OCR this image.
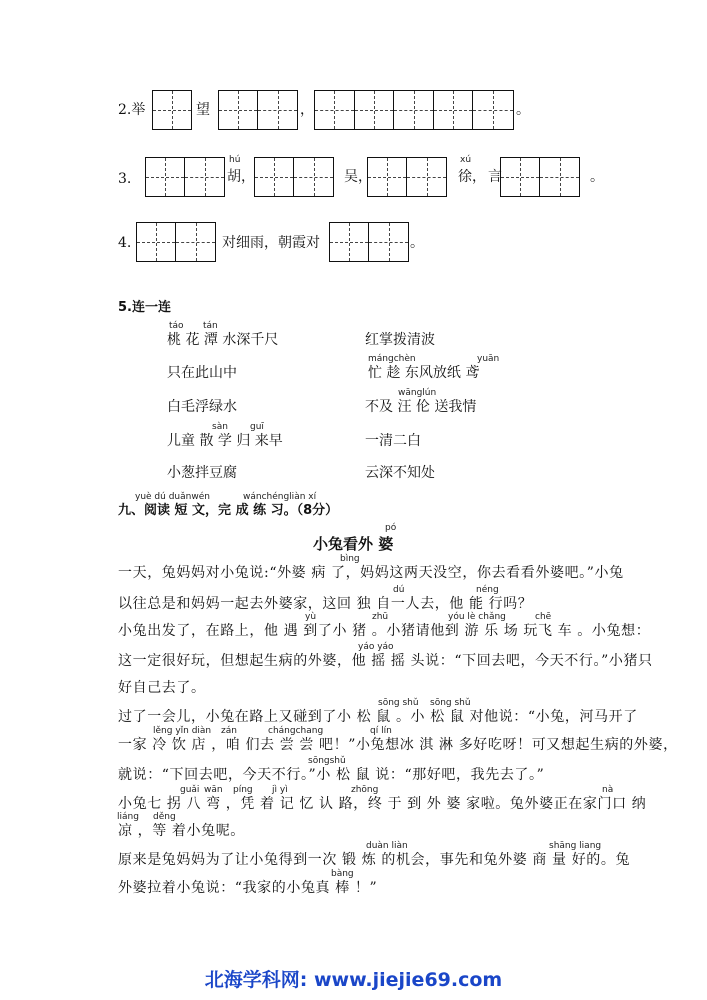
2.举	望	，	。
3.
hú
胡，	吴，
xú
徐， 言	。
4.	对细雨，朝霞对	。
5.连一连
táo tán
桃 花 潭 水深千尺
只在此山中
白毛浮绿水
sàn guī
儿童 散 学 归 来早
小葱拌豆腐
红掌拨清波
mángchèn	yuān
忙 趁 东风放纸 鸢
wānglún
不及 汪 伦 送我情
一清二白
云深不知处
yuè dú duǎnwén	wánchéngliàn xí
九、阅读 短 文，完 成 练 习。（8分）
pó
小兔看外 婆
bìng
一天，兔妈妈对小兔说:“外婆 病 了，妈妈这两天没空，你去看看外婆吧。”小兔
dú	néng
以往总是和妈妈一起去外婆家，这回 独 自一人去，他 能 行吗？
yù	zhū	yóu lè chǎng	chē
小兔出发了，在路上，他 遇 到了小 猪 。小猪请他到 游 乐 场 玩飞 车 。小兔想：
yáo yáo
这一定很好玩，但想起生病的外婆，他 摇 摇 头说：“下回去吧，今天不行。”小猪只
好自己去了。
sōng shǔ sōng shǔ
过了一会儿，小兔在路上又碰到了小 松 鼠 。小 松 鼠 对他说：“小兔，河马开了
lěng yǐn diàn zán	chángchang	qí lín
一家 冷 饮 店 ，咱 们去 尝 尝 吧！”小兔想冰 淇 淋 多好吃呀！可又想起生病的外婆，
sōngshǔ
就说：“下回去吧，今天不行。”小 松 鼠 说：“那好吧，我先去了。”
guǎi wān píng jì yì	zhōng	nà
小兔七 拐 八 弯 ，凭 着 记 忆 认 路，终 于 到 外 婆 家啦。兔外婆正在家门口 纳
liáng děng
凉 ，等 着小兔呢。
duàn liàn	shāng liang
原来是兔妈妈为了让小兔得到一次 锻 炼 的机会，事先和兔外婆 商 量 好的。兔
bàng
外婆拉着小兔说：“我家的小兔真 棒 ！”
北海学科网: www.jiejie69.com
